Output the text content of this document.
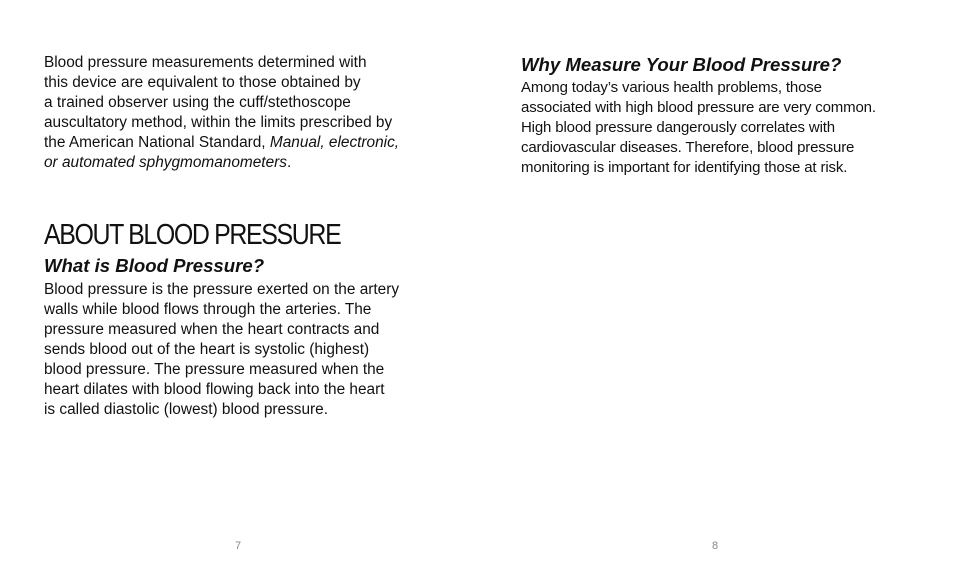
Blood pressure measurements determined with
this device are equivalent to those obtained by
a trained observer using the cuff/stethoscope
auscultatory method, within the limits prescribed by
the American National Standard, Manual, electronic,
or automated sphygmomanometers.

ABOUT BLOOD PRESSURE
What is Blood Pressure?

Blood pressure is the pressure exerted on the artery
walls while blood flows through the arteries. The
pressure measured when the heart contracts and
sends blood out of the heart is systolic (highest)
blood pressure. The pressure measured when the
heart dilates with blood flowing back into the heart
is called diastolic (lowest) blood pressure.

7
Why Measure Your Blood Pressure?

Among today’s various health problems, those
associated with high blood pressure are very common.
High blood pressure dangerously correlates with
cardiovascular diseases. Therefore, blood pressure
monitoring is important for identifying those at risk.

8
